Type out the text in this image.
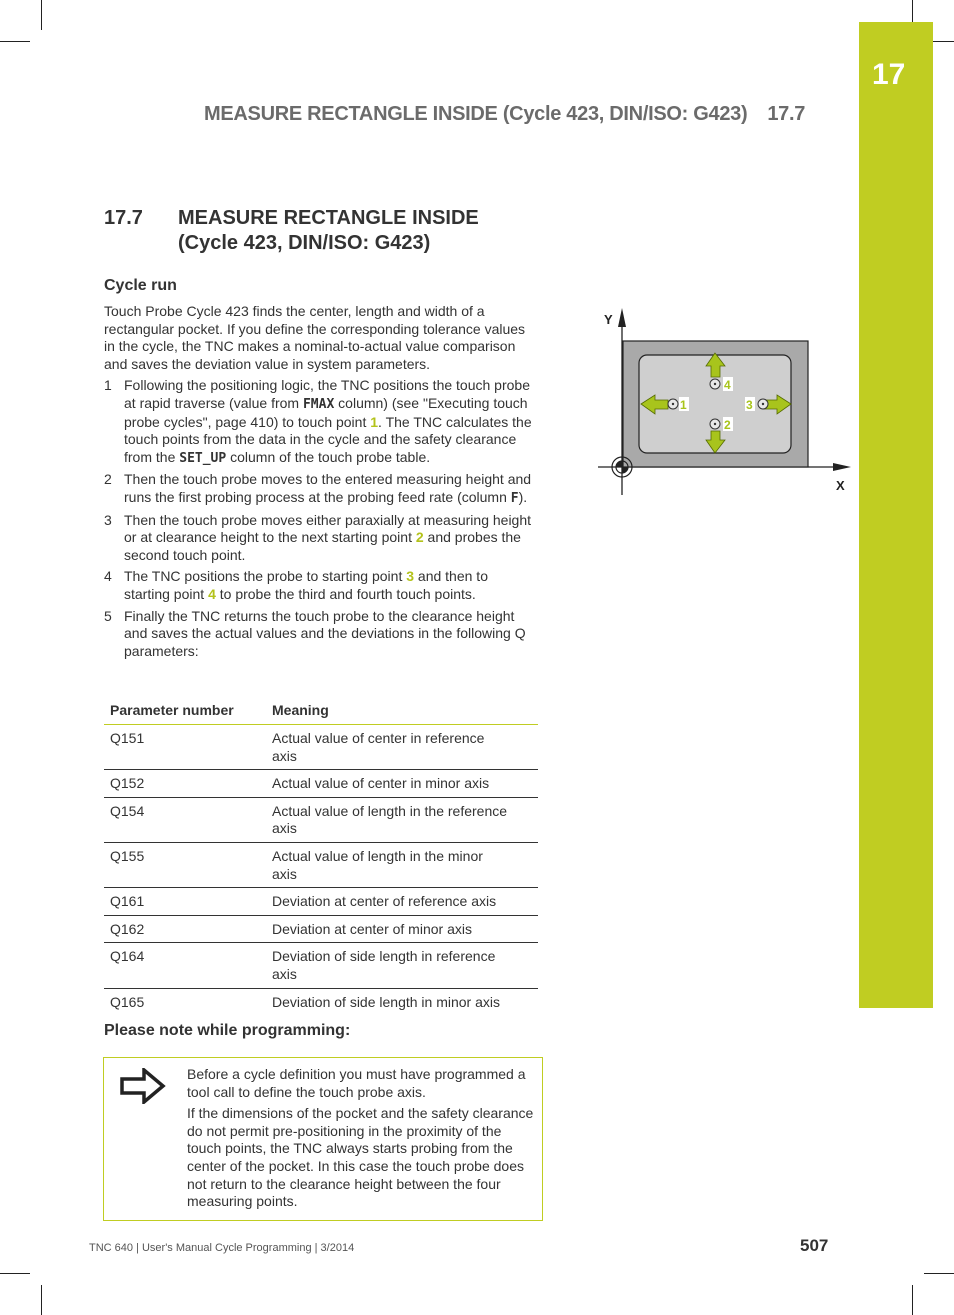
17
MEASURE RECTANGLE INSIDE (Cycle 423, DIN/ISO: G423) 17.7
17.7 MEASURE RECTANGLE INSIDE
(Cycle 423, DIN/ISO: G423)
Cycle run

Touch Probe Cycle 423 finds the center, length and width of a rectangular pocket. If you define the corresponding tolerance values in the cycle, the TNC makes a nominal-to-actual value comparison and saves the deviation value in system parameters.

1 Following the positioning logic, the TNC positions the touch probe at rapid traverse (value from FMAX column) (see "Executing touch probe cycles", page 410) to touch point 1. The TNC calculates the touch points from the data in the cycle and the safety clearance from the SET_UP column of the touch probe table.
2 Then the touch probe moves to the entered measuring height and runs the first probing process at the probing feed rate (column F).
3 Then the touch probe moves either paraxially at measuring height or at clearance height to the next starting point 2 and probes the second touch point.
4 The TNC positions the probe to starting point 3 and then to starting point 4 to probe the third and fourth touch points.
5 Finally the TNC returns the touch probe to the clearance height and saves the actual values and the deviations in the following Q parameters:
Parameter number	Meaning
Q151	Actual value of center in reference axis
Q152	Actual value of center in minor axis
Q154	Actual value of length in the reference axis
Q155	Actual value of length in the minor axis
Q161	Deviation at center of reference axis
Q162	Deviation at center of minor axis
Q164	Deviation of side length in reference axis
Q165	Deviation of side length in minor axis
Please note while programming:

Before a cycle definition you must have programmed a tool call to define the touch probe axis.

If the dimensions of the pocket and the safety clearance do not permit pre-positioning in the proximity of the touch points, the TNC always starts probing from the center of the pocket. In this case the touch probe does not return to the clearance height between the four measuring points.

Y
X
1
2
3
4
TNC 640 | User's Manual Cycle Programming | 3/2014	507
